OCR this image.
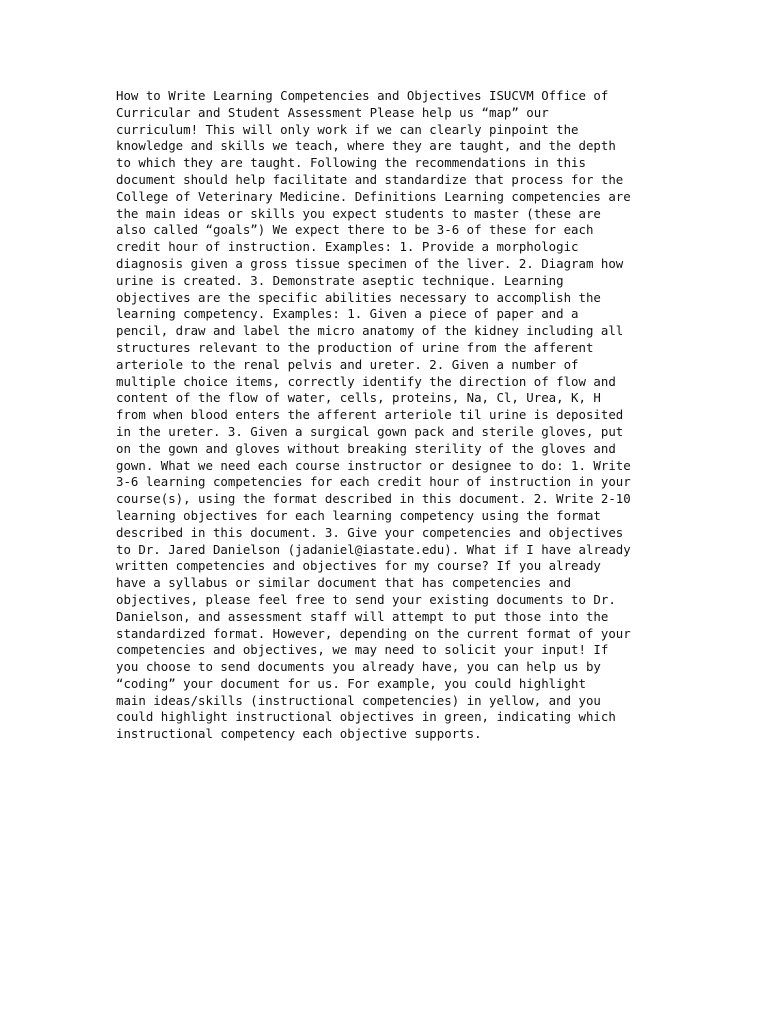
How to Write Learning Competencies and Objectives ISUCVM Office of
Curricular and Student Assessment Please help us “map” our
curriculum! This will only work if we can clearly pinpoint the
knowledge and skills we teach, where they are taught, and the depth
to which they are taught. Following the recommendations in this
document should help facilitate and standardize that process for the
College of Veterinary Medicine. Definitions Learning competencies are
the main ideas or skills you expect students to master (these are
also called “goals”) We expect there to be 3-6 of these for each
credit hour of instruction. Examples: 1. Provide a morphologic
diagnosis given a gross tissue specimen of the liver. 2. Diagram how
urine is created. 3. Demonstrate aseptic technique. Learning
objectives are the specific abilities necessary to accomplish the
learning competency. Examples: 1. Given a piece of paper and a
pencil, draw and label the micro anatomy of the kidney including all
structures relevant to the production of urine from the afferent
arteriole to the renal pelvis and ureter. 2. Given a number of
multiple choice items, correctly identify the direction of flow and
content of the flow of water, cells, proteins, Na, Cl, Urea, K, H
from when blood enters the afferent arteriole til urine is deposited
in the ureter. 3. Given a surgical gown pack and sterile gloves, put
on the gown and gloves without breaking sterility of the gloves and
gown. What we need each course instructor or designee to do: 1. Write
3-6 learning competencies for each credit hour of instruction in your
course(s), using the format described in this document. 2. Write 2-10
learning objectives for each learning competency using the format
described in this document. 3. Give your competencies and objectives
to Dr. Jared Danielson (jadaniel@iastate.edu). What if I have already
written competencies and objectives for my course? If you already
have a syllabus or similar document that has competencies and
objectives, please feel free to send your existing documents to Dr.
Danielson, and assessment staff will attempt to put those into the
standardized format. However, depending on the current format of your
competencies and objectives, we may need to solicit your input! If
you choose to send documents you already have, you can help us by
“coding” your document for us. For example, you could highlight
main ideas/skills (instructional competencies) in yellow, and you
could highlight instructional objectives in green, indicating which
instructional competency each objective supports.
